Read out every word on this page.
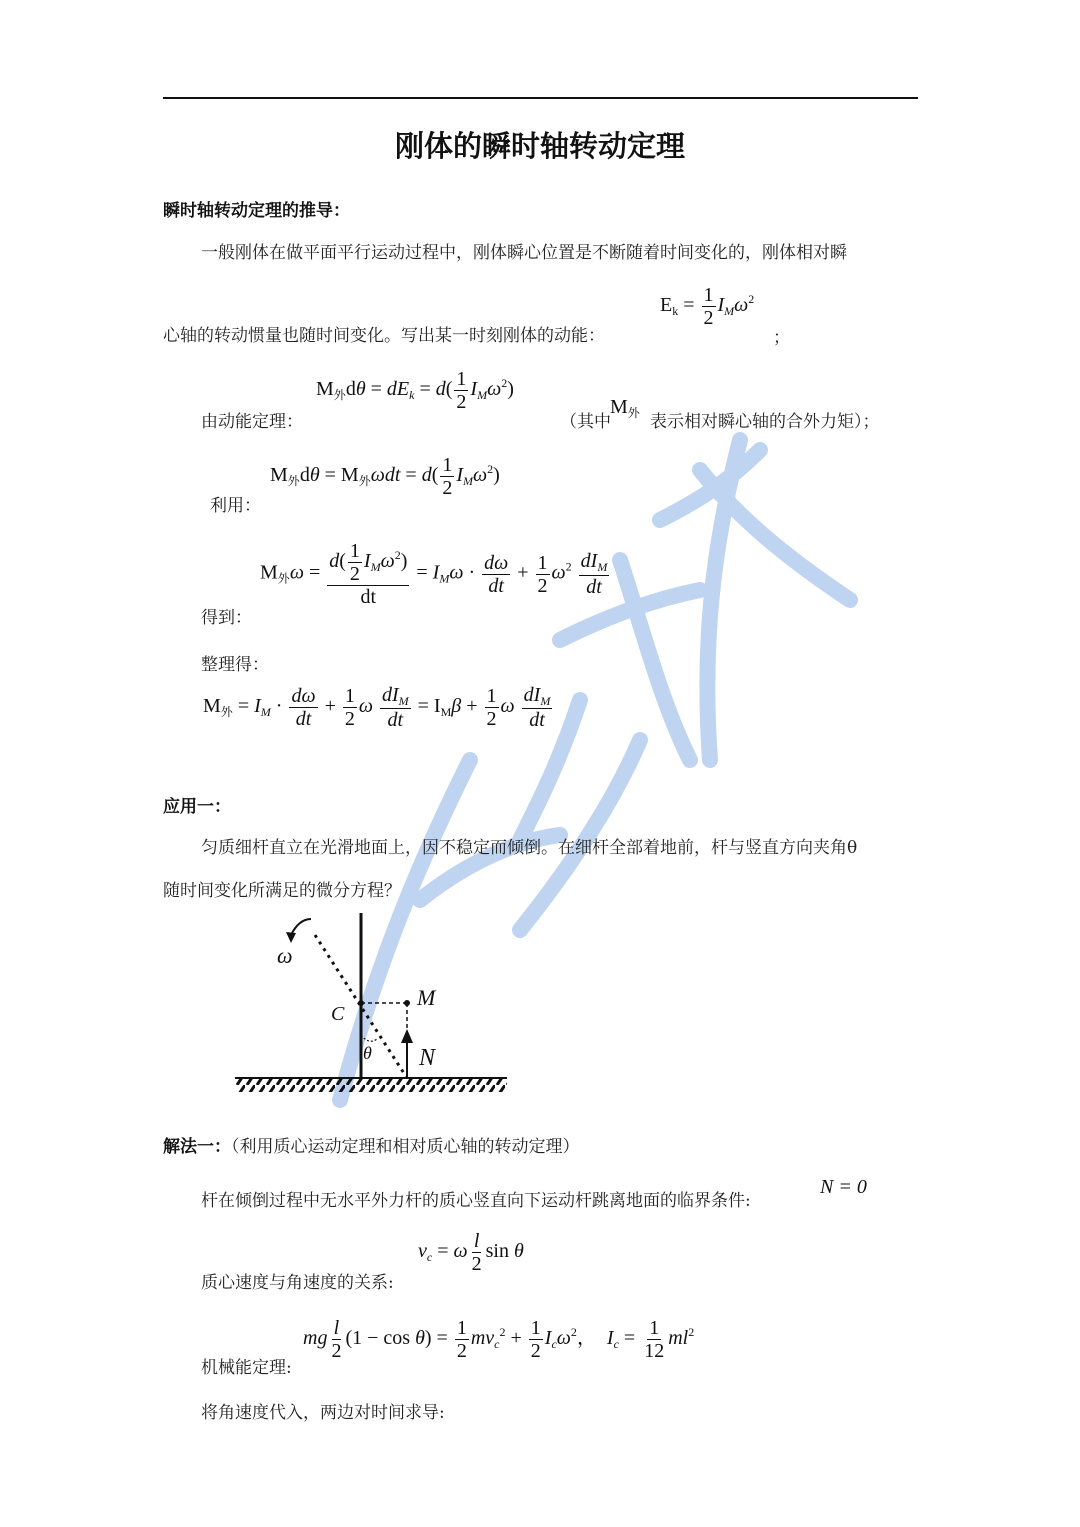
刚体的瞬时轴转动定理
瞬时轴转动定理的推导：
一般刚体在做平面平行运动过程中，刚体瞬心位置是不断随着时间变化的，刚体相对瞬
心轴的转动惯量也随时间变化。写出某一时刻刚体的动能：
$E_k = \frac{1}{2} I_M\omega^2$
；
由动能定理：
$M_外d\theta = dE_k = d( \frac{1}{2} I_M\omega^2)$
（其中
$M_外$ 表示相对瞬心轴的合外力矩）；
利用：
$M_外d\theta = M_外\omega dt = d( \frac{1}{2} I_M\omega^2)$
得到：
$M_外\omega = \frac{d( \frac{1}{2} I_M\omega^2)}{dt} = I_M\omega \cdot \frac{d\omega}{dt} + \frac{1}{2} \omega^2 \frac{dI_M}{dt}$
整理得：
$M_外 = I_M \cdot \frac{d\omega}{dt} + \frac{1}{2}$ ω $\frac{dI_M}{dt} = I_M\beta + \frac{1}{2}$ ω $\frac{dI_M}{dt}$
应用一：
匀质细杆直立在光滑地面上，因不稳定而倾倒。在细杆全部着地前，杆与竖直方向夹角θ
随时间变化所满足的微分方程？
ω
C
M
θ N
解法一：（利用质心运动定理和相对质心轴的转动定理）
杆在倾倒过程中无水平外力杆的质心竖直向下运动杆跳离地面的临界条件:
N = 0
质心速度与角速度的关系:
$v_c = \omega \frac{l}{2}$ sin θ
机械能定理:
mg $\frac{l}{2} (1 - \cos \theta) = \frac{1}{2} mv_c^2 + \frac{1}{2} I_c\omega^2$，  $I_c = \frac{1}{12} ml^2$
将角速度代入，两边对时间求导:
